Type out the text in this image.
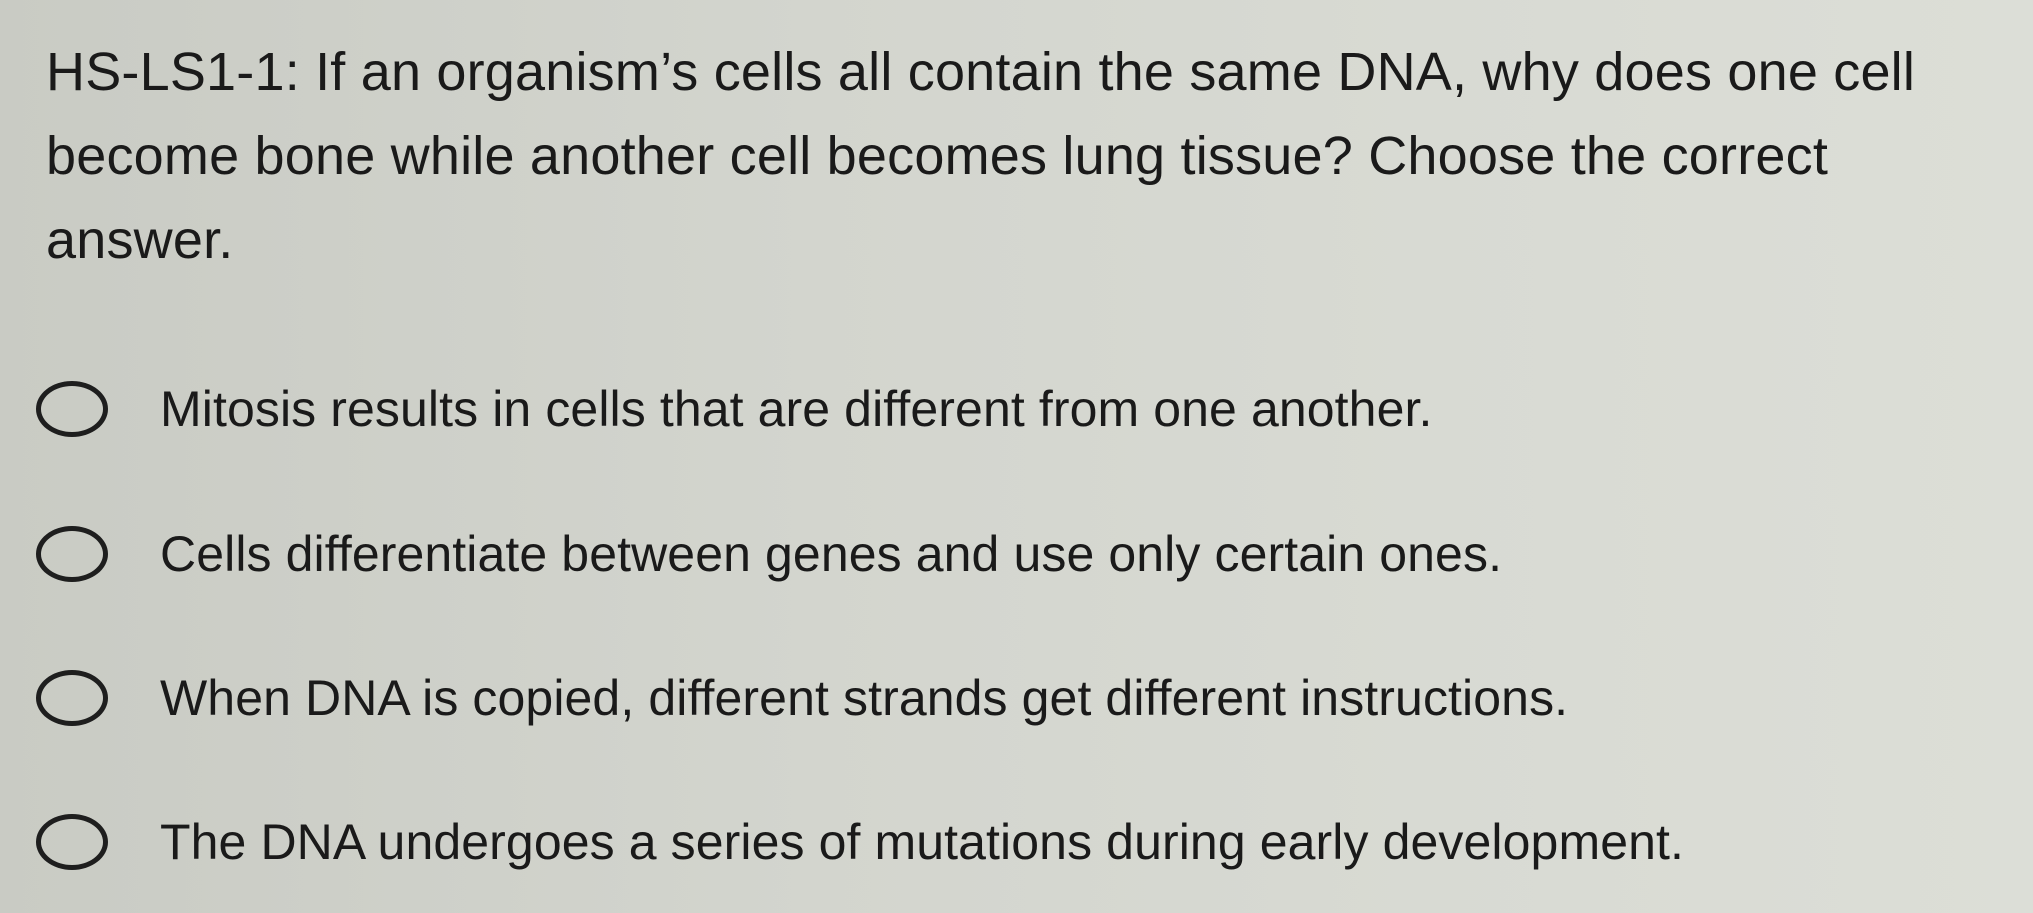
HS-LS1-1: If an organism’s cells all contain the same DNA, why does one cell become bone while another cell becomes lung tissue? Choose the correct answer.

Mitosis results in cells that are different from one another.
Cells differentiate between genes and use only certain ones.
When DNA is copied, different strands get different instructions.
The DNA undergoes a series of mutations during early development.
